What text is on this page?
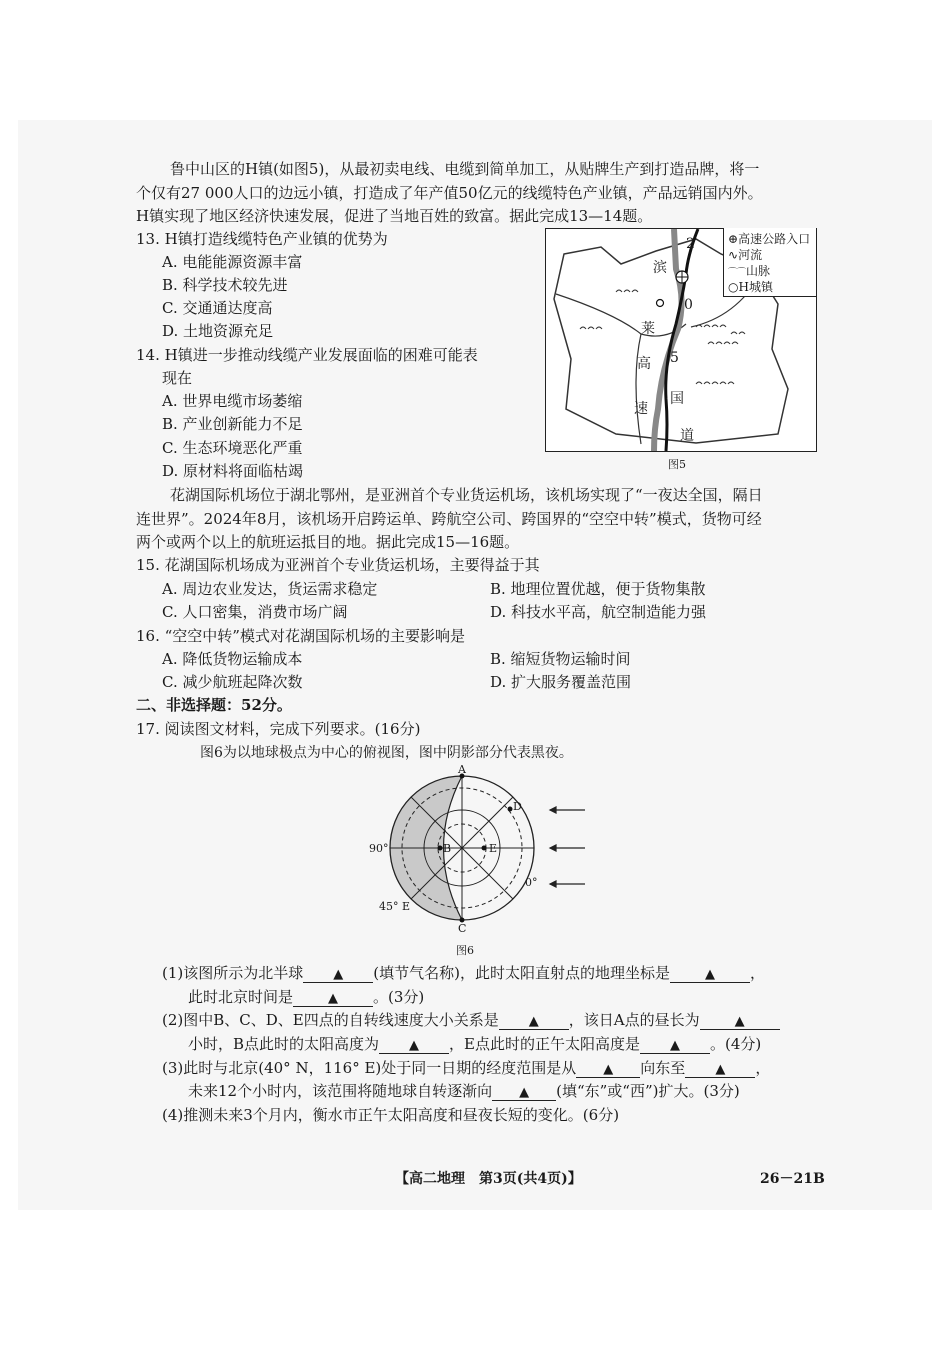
鲁中山区的H镇(如图5)，从最初卖电线、电缆到简单加工，从贴牌生产到打造品牌，将一
个仅有27 000人口的边远小镇，打造成了年产值50亿元的线缆特色产业镇，产品远销国内外。
H镇实现了地区经济快速发展，促进了当地百姓的致富。据此完成13—14题。
13. H镇打造线缆特色产业镇的优势为
A. 电能能源资源丰富
B. 科学技术较先进
C. 交通通达度高
D. 土地资源充足
14. H镇进一步推动线缆产业发展面临的困难可能表
现在
A. 世界电缆市场萎缩
B. 产业创新能力不足
C. 生态环境恶化严重
D. 原材料将面临枯竭
⊕高速公路入口
∿河流
⌒⌒山脉
○H城镇
滨
莱
高
速
2
0
5
国
道
图5
花湖国际机场位于湖北鄂州，是亚洲首个专业货运机场，该机场实现了“一夜达全国，隔日
连世界”。2024年8月，该机场开启跨运单、跨航空公司、跨国界的“空空中转”模式，货物可经
两个或两个以上的航班运抵目的地。据此完成15—16题。
15. 花湖国际机场成为亚洲首个专业货运机场，主要得益于其
A. 周边农业发达，货运需求稳定	B. 地理位置优越，便于货物集散
C. 人口密集，消费市场广阔	D. 科技水平高，航空制造能力强
16. “空空中转”模式对花湖国际机场的主要影响是
A. 降低货物运输成本	B. 缩短货物运输时间
C. 减少航班起降次数	D. 扩大服务覆盖范围
二、非选择题：52分。
17. 阅读图文材料，完成下列要求。(16分)
图6为以地球极点为中心的俯视图，图中阴影部分代表黑夜。
A
D
B	E
C
90°
0°
45° E
图6
(1)该图所示为北半球 ▲ (填节气名称)，此时太阳直射点的地理坐标是	▲ ，
此时北京时间是	▲ 。(3分)
(2)图中B、C、D、E四点的自转线速度大小关系是 ▲ ，该日A点的昼长为	▲
小时，B点此时的太阳高度为 ▲ ，E点此时的正午太阳高度是 ▲ 。(4分)
(3)此时与北京(40° N，116° E)处于同一日期的经度范围是从 ▲ 向东至 ▲ ，
未来12个小时内，该范围将随地球自转逐渐向 ▲ (填“东”或“西”)扩大。(3分)
(4)推测未来3个月内，衡水市正午太阳高度和昼夜长短的变化。(6分)
【高二地理　第3页(共4页)】	26－21B
